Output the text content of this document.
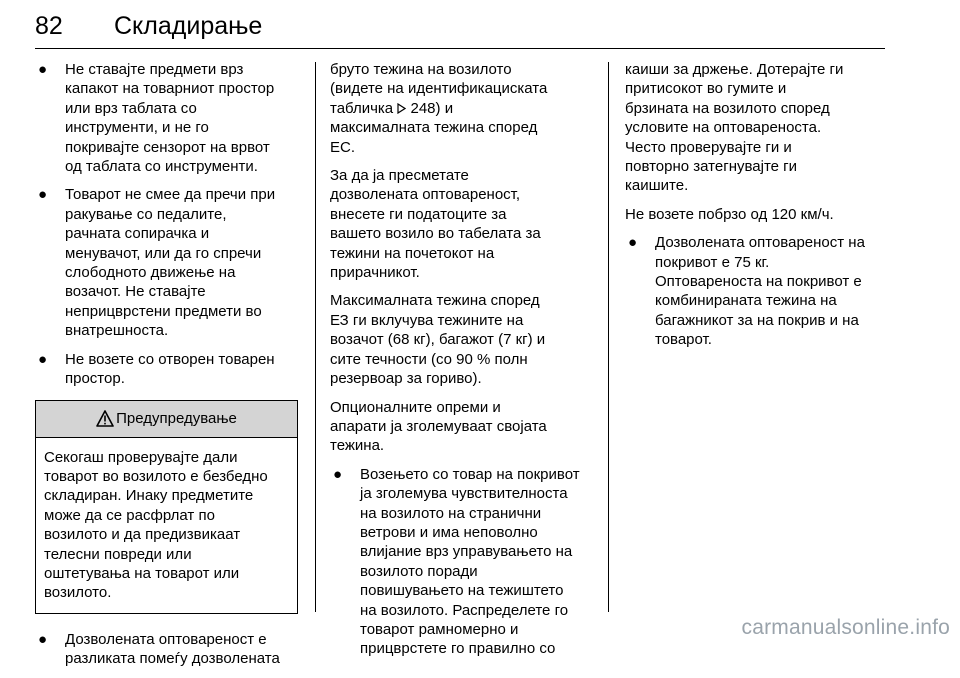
82 Складирање
● Не ставајте предмети врз
капакот на товарниот простор
или врз таблата со
инструменти, и не го
покривајте сензорот на врвот
од таблата со инструменти.

● Товарот не смее да пречи при
ракување со педалите,
рачната сопирачка и
менувачот, или да го спречи
слободното движење на
возачот. Не ставајте
неприцврстени предмети во
внатрешноста.

● Не возете со отворен товарен
простор.

Предупредување
Секогаш проверувајте дали
товарот во возилото е безбедно
складиран. Инаку предметите
може да се расфрлат по
возилото и да предизвикаат
телесни повреди или
оштетувања на товарот или
возилото.
● Дозволената оптовареност е
разликата помеѓу дозволената

бруто тежина на возилото
(видете на идентификациската
табличка 248) и
максималната тежина според
ЕС.

За да ја пресметате
дозволената оптовареност,
внесете ги податоците за
вашето возило во табелата за
тежини на почетокот на
прирачникот.

Максималната тежина според
ЕЗ ги вклучува тежините на
возачот (68 кг), багажот (7 кг) и
сите течности (со 90 % полн
резервоар за гориво).

Опционалните опреми и
апарати ја зголемуваат својата
тежина.

● Возењето со товар на покривот
ја зголемува чувствителноста
на возилото на странични
ветрови и има неповолно
влијание врз управувањето на
возилото поради
повишувањето на тежиштето
на возилото. Распределете го
товарот рамномерно и
прицврстете го правилно со

каиши за држење. Дотерајте ги
притисокот во гумите и
брзината на возилото според
условите на оптовареноста.
Често проверувајте ги и
повторно затегнувајте ги
каишите.

Не возете побрзо од 120 км/ч.

● Дозволената оптовареност на
покривот е 75 кг.
Оптовареноста на покривот е
комбинираната тежина на
багажникот за на покрив и на
товарот.

carmanualsonline.info
